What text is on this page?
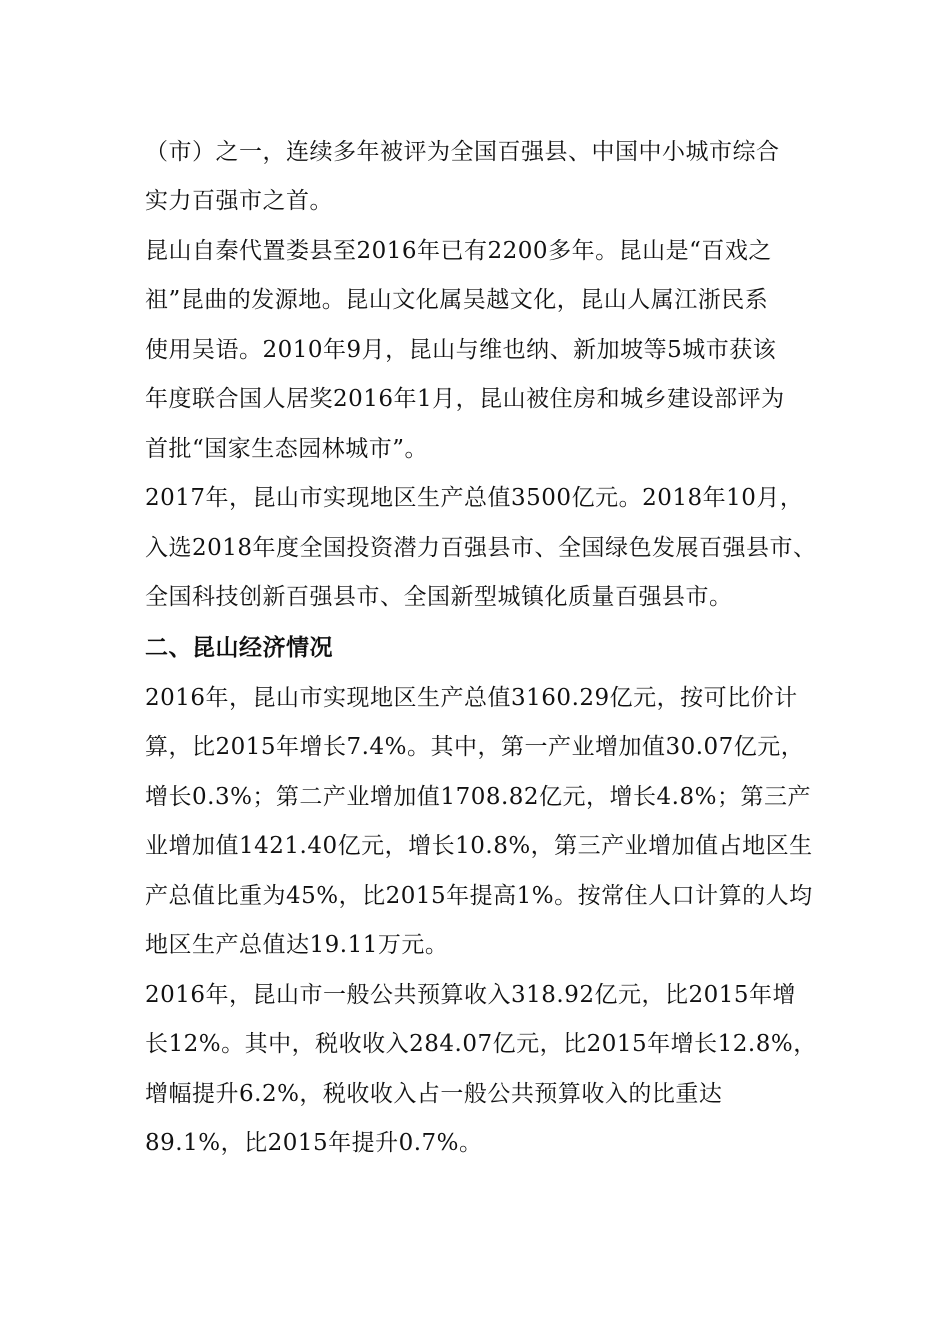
（市）之一，连续多年被评为全国百强县、中国中小城市综合
实力百强市之首。
昆山自秦代置娄县至2016年已有2200多年。昆山是“百戏之
祖”昆曲的发源地。昆山文化属吴越文化，昆山人属江浙民系
使用吴语。2010年9月，昆山与维也纳、新加坡等5城市获该
年度联合国人居奖2016年1月，昆山被住房和城乡建设部评为
首批“国家生态园林城市”。
2017年，昆山市实现地区生产总值3500亿元。2018年10月，
入选2018年度全国投资潜力百强县市、全国绿色发展百强县市、
全国科技创新百强县市、全国新型城镇化质量百强县市。
二、昆山经济情况
2016年，昆山市实现地区生产总值3160.29亿元，按可比价计
算，比2015年增长7.4%。其中，第一产业增加值30.07亿元，
增长0.3%；第二产业增加值1708.82亿元，增长4.8%；第三产
业增加值1421.40亿元，增长10.8%，第三产业增加值占地区生
产总值比重为45%，比2015年提高1%。按常住人口计算的人均
地区生产总值达19.11万元。
2016年，昆山市一般公共预算收入318.92亿元，比2015年增
长12%。其中，税收收入284.07亿元，比2015年增长12.8%，
增幅提升6.2%，税收收入占一般公共预算收入的比重达
89.1%，比2015年提升0.7%。
